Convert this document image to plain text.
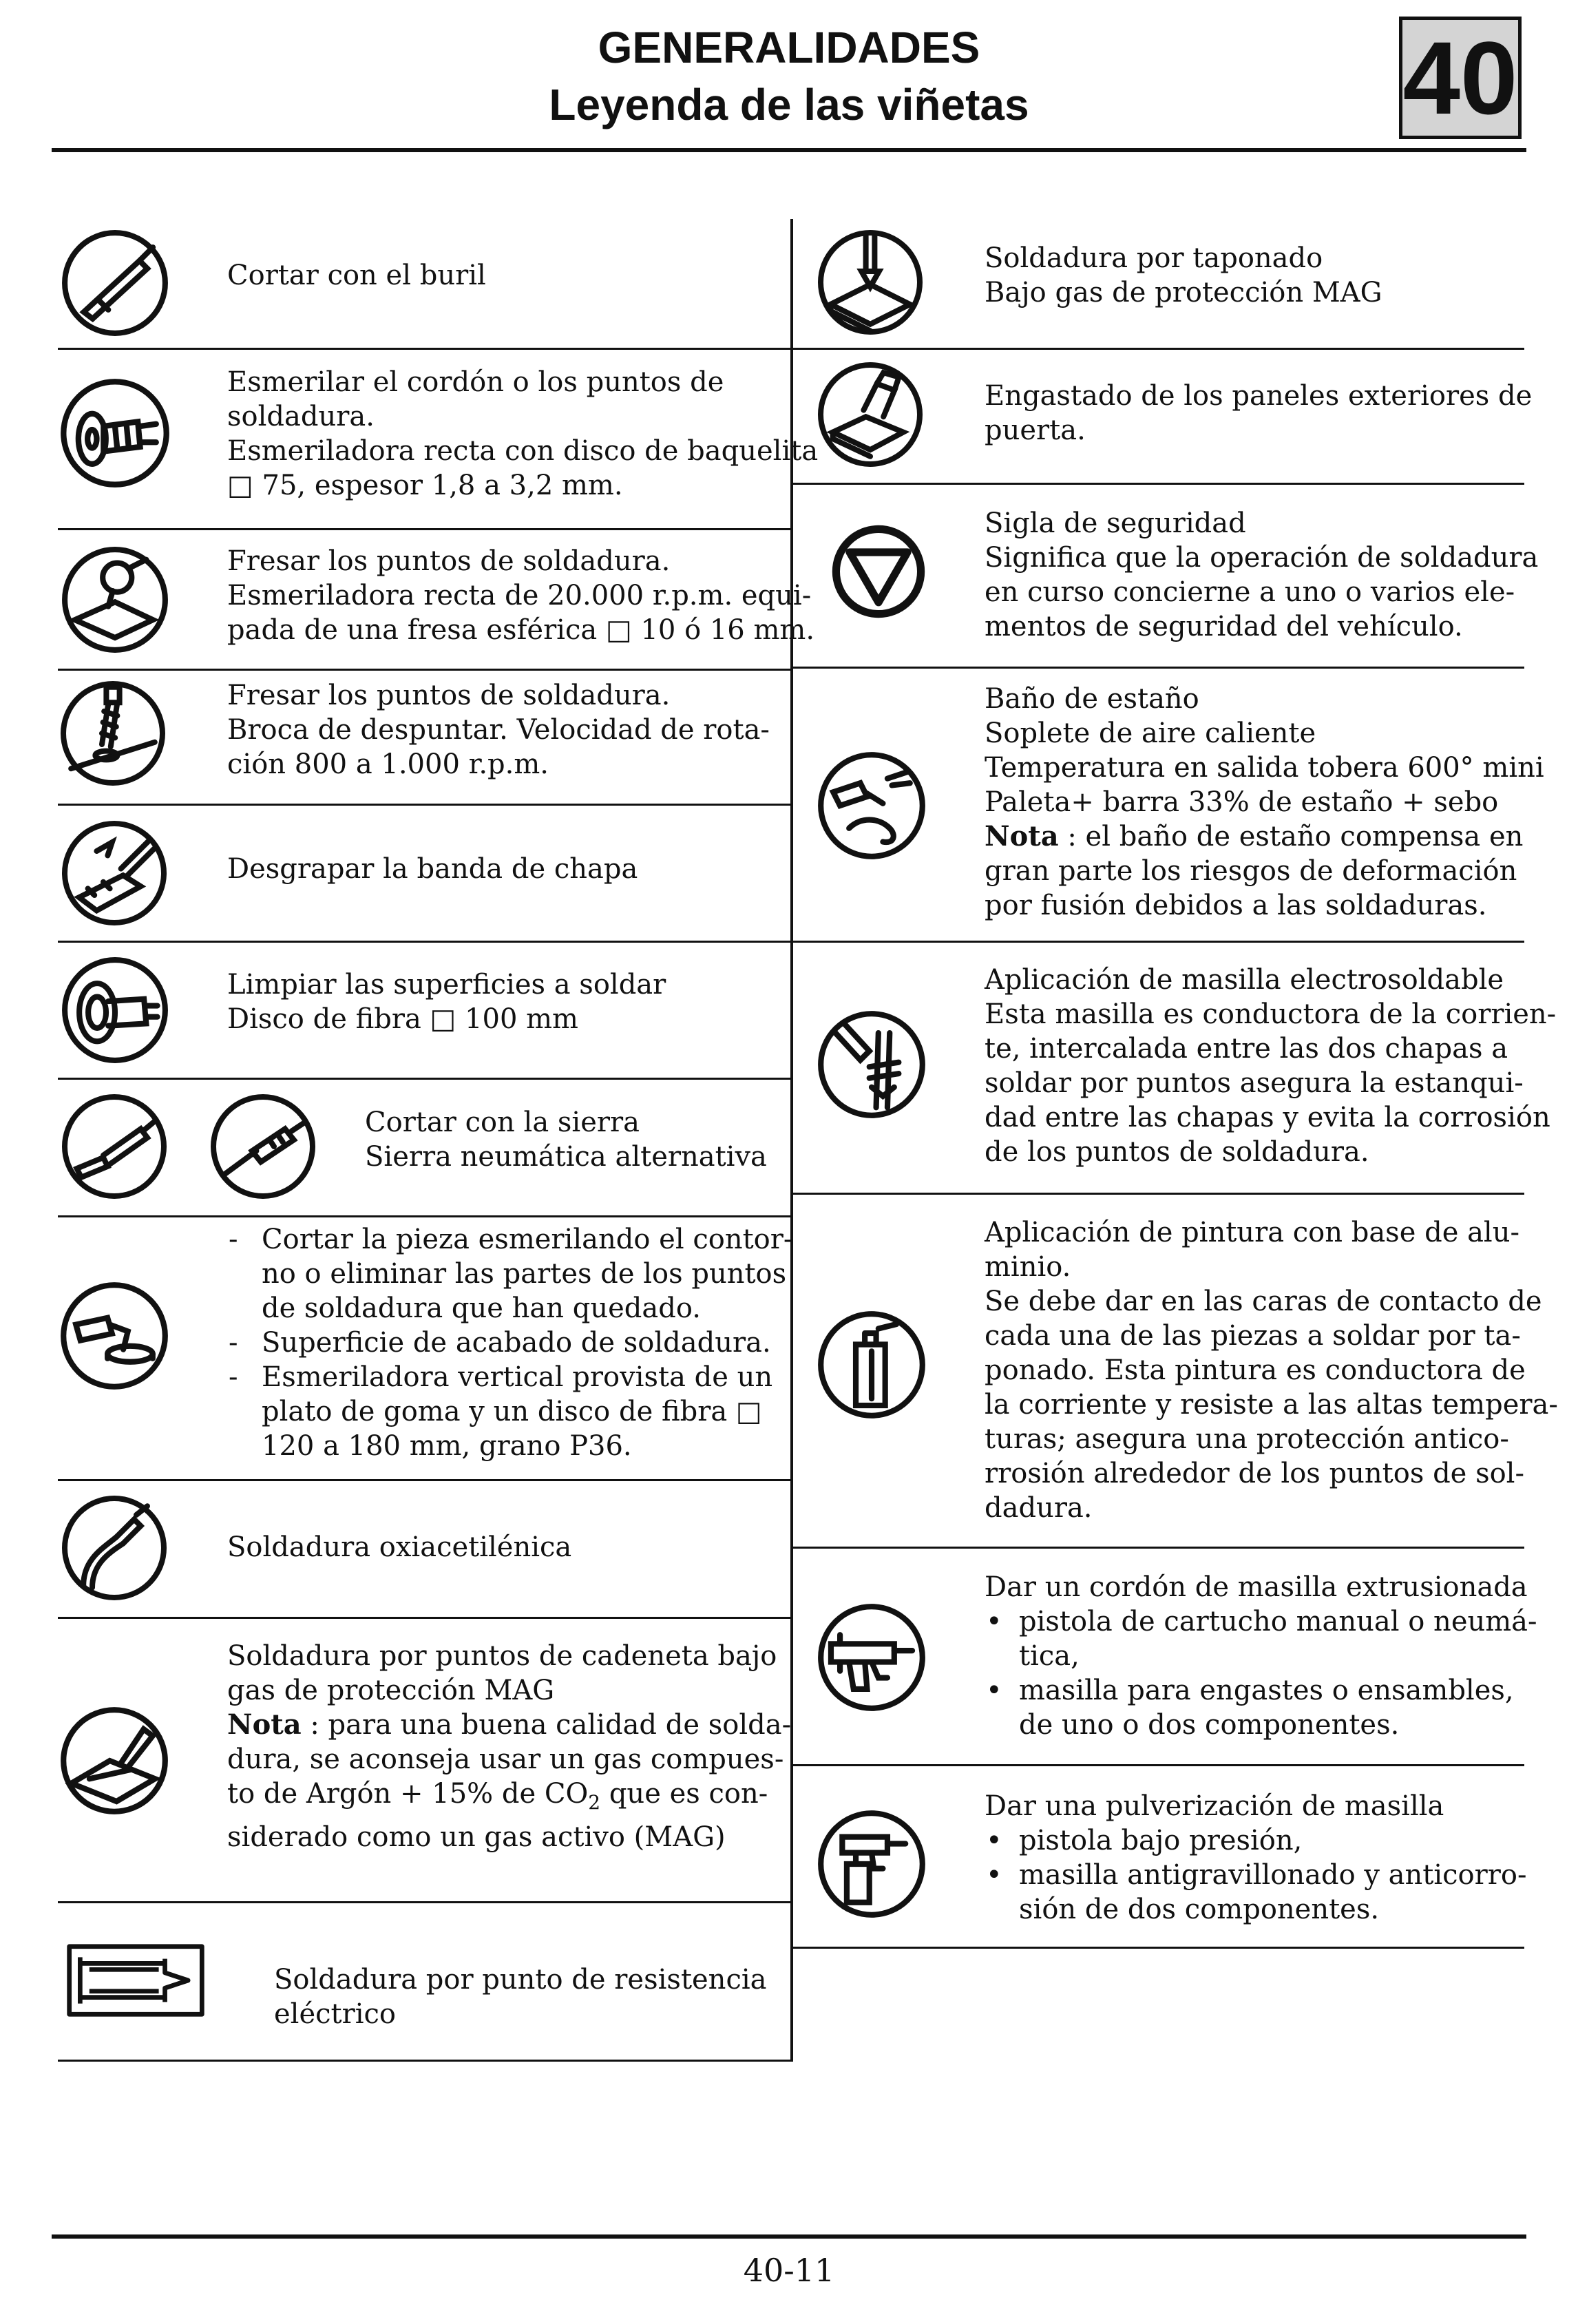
GENERALIDADES
Leyenda de las viñetas	40
Cortar con el buril
Esmerilar el cordón o los puntos de
soldadura.
Esmeriladora recta con disco de baquelita
□ 75, espesor 1,8 a 3,2 mm.
Fresar los puntos de soldadura.
Esmeriladora recta de 20.000 r.p.m. equi-
pada de una fresa esférica □ 10 ó 16 mm.
Fresar los puntos de soldadura.
Broca de despuntar. Velocidad de rota-
ción 800 a 1.000 r.p.m.
Desgrapar la banda de chapa
Limpiar las superficies a soldar
Disco de fibra □ 100 mm
Cortar con la sierra
Sierra neumática alternativa
- Cortar la pieza esmerilando el contor-
no o eliminar las partes de los puntos
de soldadura que han quedado.
- Superficie de acabado de soldadura.
- Esmeriladora vertical provista de un
plato de goma y un disco de fibra □
120 a 180 mm, grano P36.
Soldadura oxiacetilénica
Soldadura por puntos de cadeneta bajo
gas de protección MAG
Nota : para una buena calidad de solda-
dura, se aconseja usar un gas compues-
to de Argón + 15% de $CO_2$ que es con-
siderado como un gas activo (MAG)
Soldadura por punto de resistencia
eléctrico
Soldadura por taponado
Bajo gas de protección MAG
Engastado de los paneles exteriores de
puerta.
Sigla de seguridad
Significa que la operación de soldadura
en curso concierne a uno o varios ele-
mentos de seguridad del vehículo.
Baño de estaño
Soplete de aire caliente
Temperatura en salida tobera 600° mini
Paleta+ barra 33% de estaño + sebo
Nota : el baño de estaño compensa en
gran parte los riesgos de deformación
por fusión debidos a las soldaduras.
Aplicación de masilla electrosoldable
Esta masilla es conductora de la corrien-
te, intercalada entre las dos chapas a
soldar por puntos asegura la estanqui-
dad entre las chapas y evita la corrosión
de los puntos de soldadura.
Aplicación de pintura con base de alu-
minio.
Se debe dar en las caras de contacto de
cada una de las piezas a soldar por ta-
ponado. Esta pintura es conductora de
la corriente y resiste a las altas tempera-
turas; asegura una protección antico-
rrosión alrededor de los puntos de sol-
dadura.
Dar un cordón de masilla extrusionada
• pistola de cartucho manual o neumá-
tica,
• masilla para engastes o ensambles,
de uno o dos componentes.
Dar una pulverización de masilla
• pistola bajo presión,
• masilla antigravillonado y anticorro-
sión de dos componentes.
40-11
